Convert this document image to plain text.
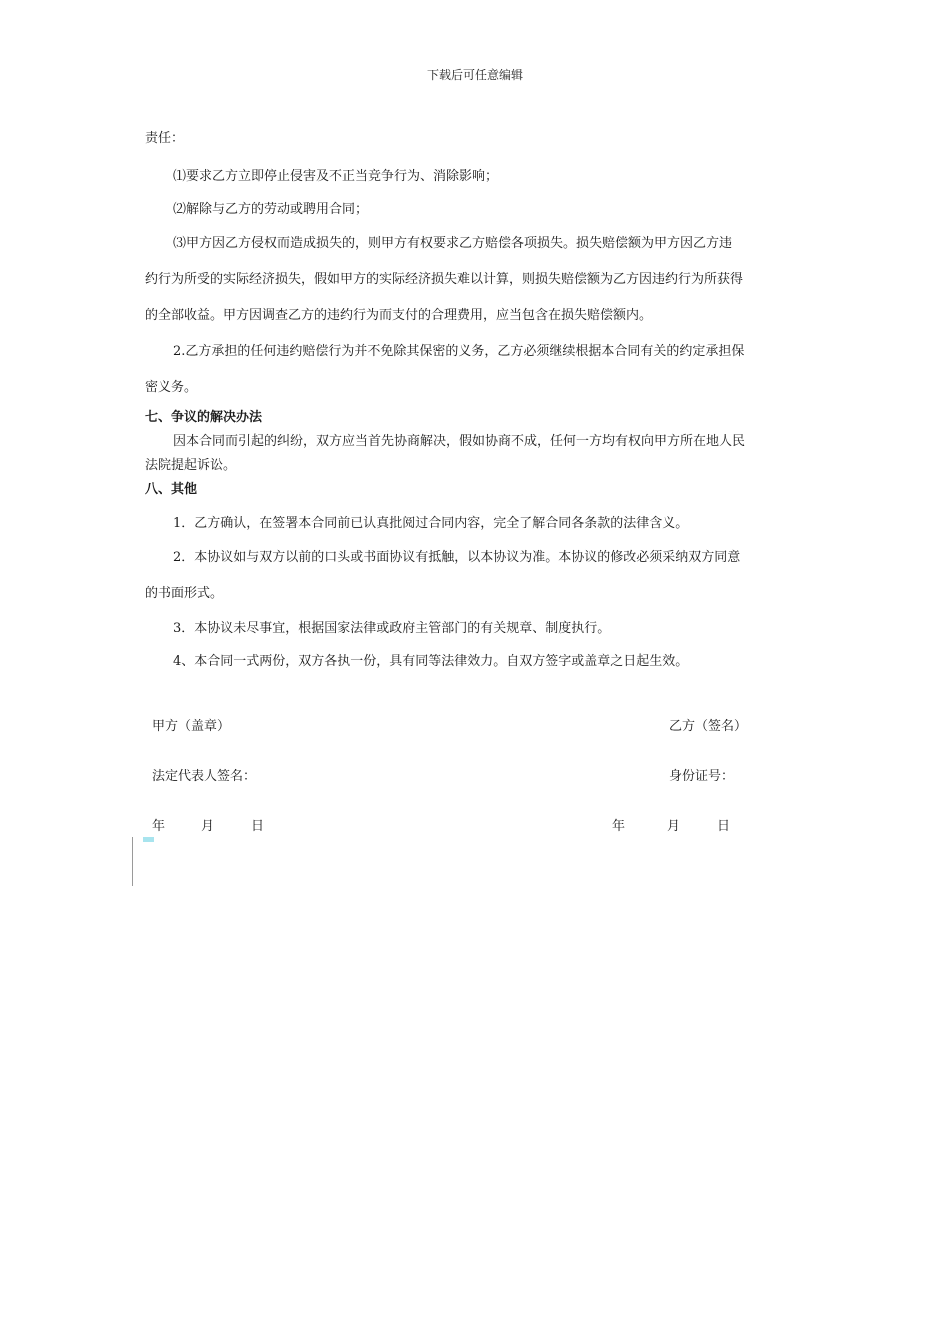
下载后可任意编辑

责任：

⑴要求乙方立即停止侵害及不正当竞争行为、消除影响；

⑵解除与乙方的劳动或聘用合同；

⑶甲方因乙方侵权而造成损失的，则甲方有权要求乙方赔偿各项损失。损失赔偿额为甲方因乙方违

约行为所受的实际经济损失，假如甲方的实际经济损失难以计算，则损失赔偿额为乙方因违约行为所获得

的全部收益。甲方因调查乙方的违约行为而支付的合理费用，应当包含在损失赔偿额内。

2.乙方承担的任何违约赔偿行为并不免除其保密的义务，乙方必须继续根据本合同有关的约定承担保

密义务。

七、争议的解决办法

因本合同而引起的纠纷，双方应当首先协商解决，假如协商不成，任何一方均有权向甲方所在地人民

法院提起诉讼。

八、其他

1．乙方确认，在签署本合同前已认真批阅过合同内容，完全了解合同各条款的法律含义。

2．本协议如与双方以前的口头或书面协议有抵触，以本协议为准。本协议的修改必须采纳双方同意

的书面形式。

3．本协议未尽事宜，根据国家法律或政府主管部门的有关规章、制度执行。

4、本合同一式两份，双方各执一份，具有同等法律效力。自双方签字或盖章之日起生效。

甲方（盖章）	乙方（签名）
法定代表人签名：	身份证号：
年	月	日	年	月	日
